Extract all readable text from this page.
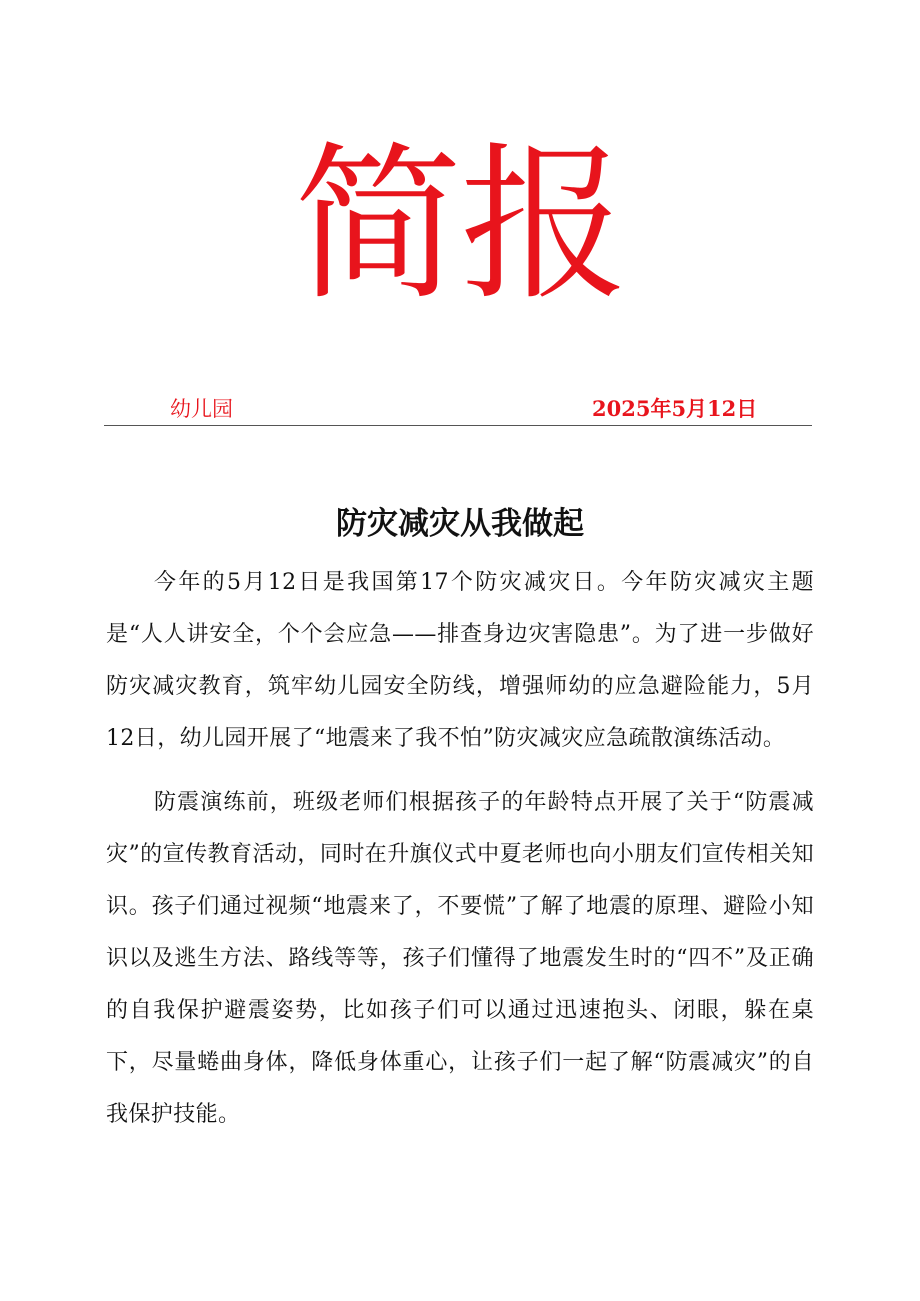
简报
幼儿园	2025年5月12日
防灾减灾从我做起

今年的5月12日是我国第17个防灾减灾日。今年防灾减灾主题是“人人讲安全，个个会应急——排查身边灾害隐患”。为了进一步做好防灾减灾教育，筑牢幼儿园安全防线，增强师幼的应急避险能力，5月12日，幼儿园开展了“地震来了我不怕”防灾减灾应急疏散演练活动。

防震演练前，班级老师们根据孩子的年龄特点开展了关于“防震减灾”的宣传教育活动，同时在升旗仪式中夏老师也向小朋友们宣传相关知识。孩子们通过视频“地震来了，不要慌”了解了地震的原理、避险小知识以及逃生方法、路线等等，孩子们懂得了地震发生时的“四不”及正确的自我保护避震姿势，比如孩子们可以通过迅速抱头、闭眼，躲在桌下，尽量蜷曲身体，降低身体重心，让孩子们一起了解“防震减灾”的自我保护技能。
